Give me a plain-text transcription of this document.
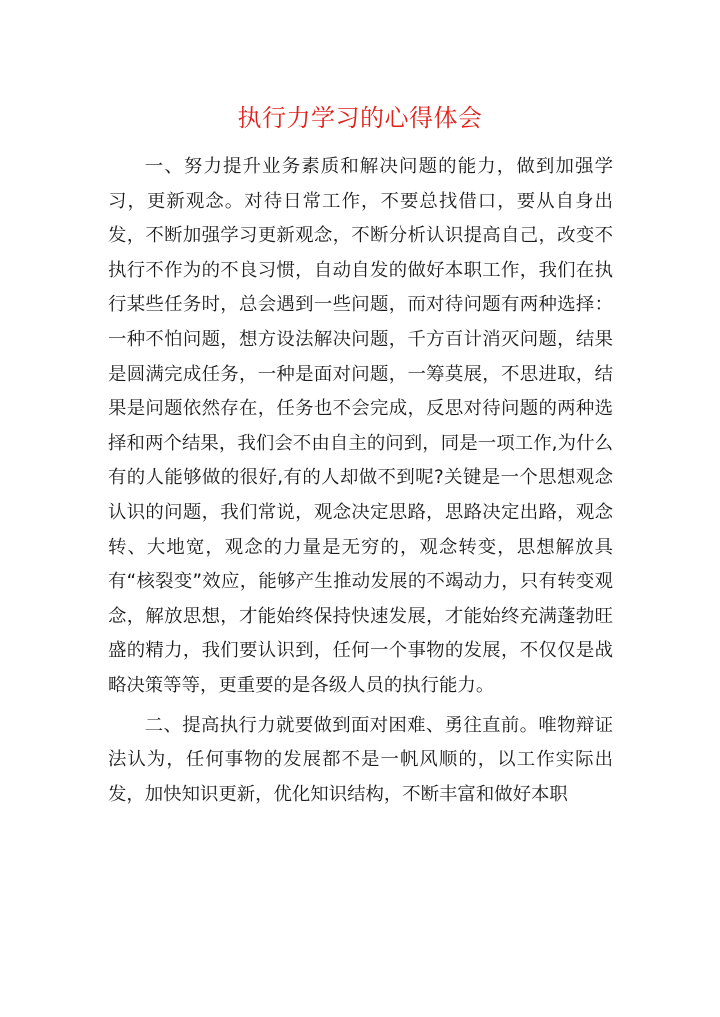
执行力学习的心得体会

一、努力提升业务素质和解决问题的能力，做到加强学习，更新观念。对待日常工作，不要总找借口，要从自身出发，不断加强学习更新观念，不断分析认识提高自己，改变不执行不作为的不良习惯，自动自发的做好本职工作，我们在执行某些任务时，总会遇到一些问题，而对待问题有两种选择：一种不怕问题，想方设法解决问题，千方百计消灭问题，结果是圆满完成任务，一种是面对问题，一筹莫展，不思进取，结果是问题依然存在，任务也不会完成，反思对待问题的两种选择和两个结果，我们会不由自主的问到，同是一项工作,为什么有的人能够做的很好,有的人却做不到呢?关键是一个思想观念认识的问题，我们常说，观念决定思路，思路决定出路，观念转、大地宽，观念的力量是无穷的，观念转变，思想解放具有“核裂变”效应，能够产生推动发展的不竭动力，只有转变观念，解放思想，才能始终保持快速发展，才能始终充满蓬勃旺盛的精力，我们要认识到，任何一个事物的发展，不仅仅是战略决策等等，更重要的是各级人员的执行能力。

二、提高执行力就要做到面对困难、勇往直前。唯物辩证法认为，任何事物的发展都不是一帆风顺的，以工作实际出发，加快知识更新，优化知识结构，不断丰富和做好本职
